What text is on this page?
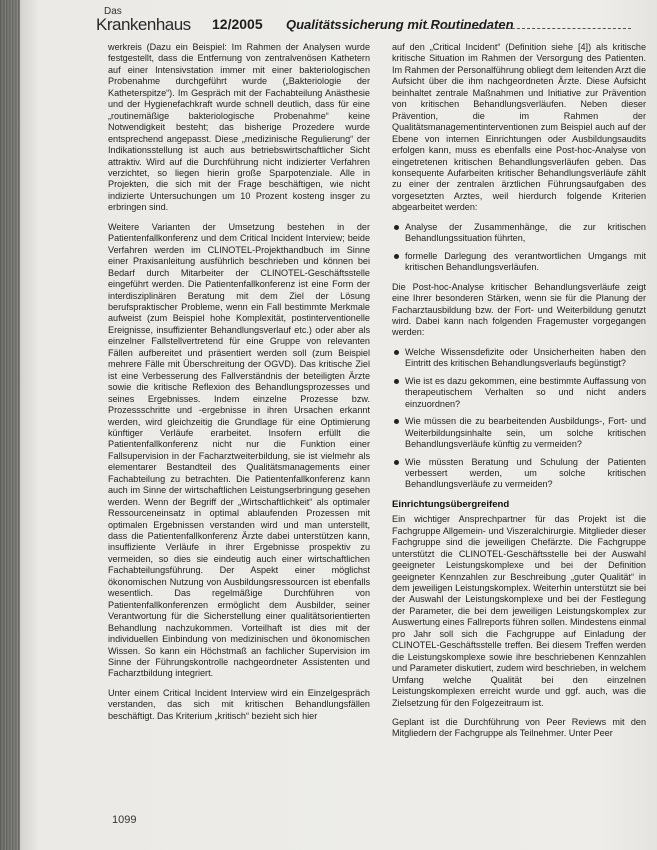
Das
Krankenhaus 12/2005 Qualitätssicherung mit Routinedaten

werkreis (Dazu ein Beispiel: Im Rahmen der Analysen wurde festgestellt, dass die Entfernung von zentralvenösen Kathetern auf einer Intensivstation immer mit einer bakteriologischen Probenahme durchgeführt wurde („Bakteriologie der Katheterspitze“). Im Gespräch mit der Fachabteilung Anästhesie und der Hygienefachkraft wurde schnell deutlich, dass für eine „routinemäßige bakteriologische Probenahme“ keine Notwendigkeit besteht; das bisherige Prozedere wurde entsprechend angepasst. Diese „medizinische Regulierung“ der Indikationsstellung ist auch aus betriebswirtschaftlicher Sicht attraktiv. Wird auf die Durchführung nicht indizierter Verfahren verzichtet, so liegen hierin große Sparpotenziale. Alle in Projekten, die sich mit der Frage beschäftigen, wie nicht indizierte Untersuchungen um 10 Prozent kosteng insger zu erbringen sind.

Weitere Varianten der Umsetzung bestehen in der Patientenfallkonferenz und dem Critical Incident Interview; beide Verfahren werden im CLINOTEL-Projekthandbuch im Sinne einer Praxisanleitung ausführlich beschrieben und können bei Bedarf durch Mitarbeiter der CLINOTEL-Geschäftsstelle eingeführt werden. Die Patientenfallkonferenz ist eine Form der interdisziplinären Beratung mit dem Ziel der Lösung berufspraktischer Probleme, wenn ein Fall bestimmte Merkmale aufweist (zum Beispiel hohe Komplexität, postinterventionelle Ereignisse, insuffizienter Behandlungsverlauf etc.) oder aber als einzelner Fallstellvertretend für eine Gruppe von relevanten Fällen aufbereitet und präsentiert werden soll (zum Beispiel mehrere Fälle mit Überschreitung der OGVD). Das kritische Ziel ist eine Verbesserung des Fallverständnis der beteiligten Ärzte sowie die kritische Reflexion des Behandlungsprozesses und seines Ergebnisses. Indem einzelne Prozesse bzw. Prozessschritte und -ergebnisse in ihren Ursachen erkannt werden, wird gleichzeitig die Grundlage für eine Optimierung künftiger Verläufe erarbeitet. Insofern erfüllt die Patientenfallkonferenz nicht nur die Funktion einer Fallsupervision in der Facharztweiterbildung, sie ist vielmehr als elementarer Bestandteil des Qualitätsmanagements einer Fachabteilung zu betrachten. Die Patientenfallkonferenz kann auch im Sinne der wirtschaftlichen Leistungserbringung gesehen werden. Wenn der Begriff der „Wirtschaftlichkeit“ als optimaler Ressourceneinsatz in optimal ablaufenden Prozessen mit optimalen Ergebnissen verstanden wird und man unterstellt, dass die Patientenfallkonferenz Ärzte dabei unterstützen kann, insuffiziente Verläufe in ihrer Ergebnisse prospektiv zu vermeiden, so dies sie eindeutig auch einer wirtschaftlichen Fachabteilungsführung. Der Aspekt einer möglichst ökonomischen Nutzung von Ausbildungsressourcen ist ebenfalls wesentlich. Das regelmäßige Durchführen von Patientenfallkonferenzen ermöglicht dem Ausbilder, seiner Verantwortung für die Sicherstellung einer qualitätsorientierten Behandlung nachzukommen. Vorteilhaft ist dies mit der individuellen Einbindung von medizinischen und ökonomischen Wissen. So kann ein Höchstmaß an fachlicher Supervision im Sinne der Führungskontrolle nachgeordneter Assistenten und Facharztbildung integriert.

Unter einem Critical Incident Interview wird ein Einzelgespräch verstanden, das sich mit kritischen Behandlungsfällen beschäftigt. Das Kriterium „kritisch“ bezieht sich hier

auf den „Critical Incident“ (Definition siehe [4]) als kritische kritische Situation im Rahmen der Versorgung des Patienten. Im Rahmen der Personalführung obliegt dem leitenden Arzt die Aufsicht über die ihm nachgeordneten Ärzte. Diese Aufsicht beinhaltet zentrale Maßnahmen und Initiative zur Prävention von kritischen Behandlungsverläufen. Neben dieser Prävention, die im Rahmen der Qualitätsmanagementinterventionen zum Beispiel auch auf der Ebene von internen Einrichtungen oder Ausbildungsaudits erfolgen kann, muss es ebenfalls eine Post-hoc-Analyse von eingetretenen kritischen Behandlungsverläufen geben. Das konsequente Aufarbeiten kritischer Behandlungsverläufe zählt zu einer der zentralen ärztlichen Führungsaufgaben des vorgesetzten Arztes, weil hierdurch folgende Kriterien abgearbeitet werden:

Analyse der Zusammenhänge, die zur kritischen Behandlungssituation führten,
formelle Darlegung des verantwortlichen Umgangs mit kritischen Behandlungsverläufen.

Die Post-hoc-Analyse kritischer Behandlungsverläufe zeigt eine Ihrer besonderen Stärken, wenn sie für die Planung der Facharztausbildung bzw. der Fort- und Weiterbildung genutzt wird. Dabei kann nach folgenden Fragemuster vorgegangen werden:

Welche Wissensdefizite oder Unsicherheiten haben den Eintritt des kritischen Behandlungsverlaufs begünstigt?
Wie ist es dazu gekommen, eine bestimmte Auffassung von therapeutischem Verhalten so und nicht anders einzuordnen?
Wie müssen die zu bearbeitenden Ausbildungs-, Fort- und Weiterbildungsinhalte sein, um solche kritischen Behandlungsverläufe künftig zu vermeiden?
Wie müssten Beratung und Schulung der Patienten verbessert werden, um solche kritischen Behandlungsverläufe zu vermeiden?
Einrichtungsübergreifend

Ein wichtiger Ansprechpartner für das Projekt ist die Fachgruppe Allgemein- und Viszeralchirurgie. Mitglieder dieser Fachgruppe sind die jeweiligen Chefärzte. Die Fachgruppe unterstützt die CLINOTEL-Geschäftsstelle bei der Auswahl geeigneter Leistungskomplexe und bei der Definition geeigneter Kennzahlen zur Beschreibung „guter Qualität“ in dem jeweiligen Leistungskomplex. Weiterhin unterstützt sie bei der Auswahl der Leistungskomplexe und bei der Festlegung der Parameter, die bei dem jeweiligen Leistungskomplex zur Auswertung eines Fallreports führen sollen. Mindestens einmal pro Jahr soll sich die Fachgruppe auf Einladung der CLINOTEL-Geschäftsstelle treffen. Bei diesem Treffen werden die Leistungskomplexe sowie ihre beschriebenen Kennzahlen und Parameter diskutiert, zudem wird beschrieben, in welchem Umfang welche Qualität bei den einzelnen Leistungskomplexen erreicht wurde und ggf. auch, was die Zielsetzung für den Folgezeitraum ist.

Geplant ist die Durchführung von Peer Reviews mit den Mitgliedern der Fachgruppe als Teilnehmer. Unter Peer

1099
